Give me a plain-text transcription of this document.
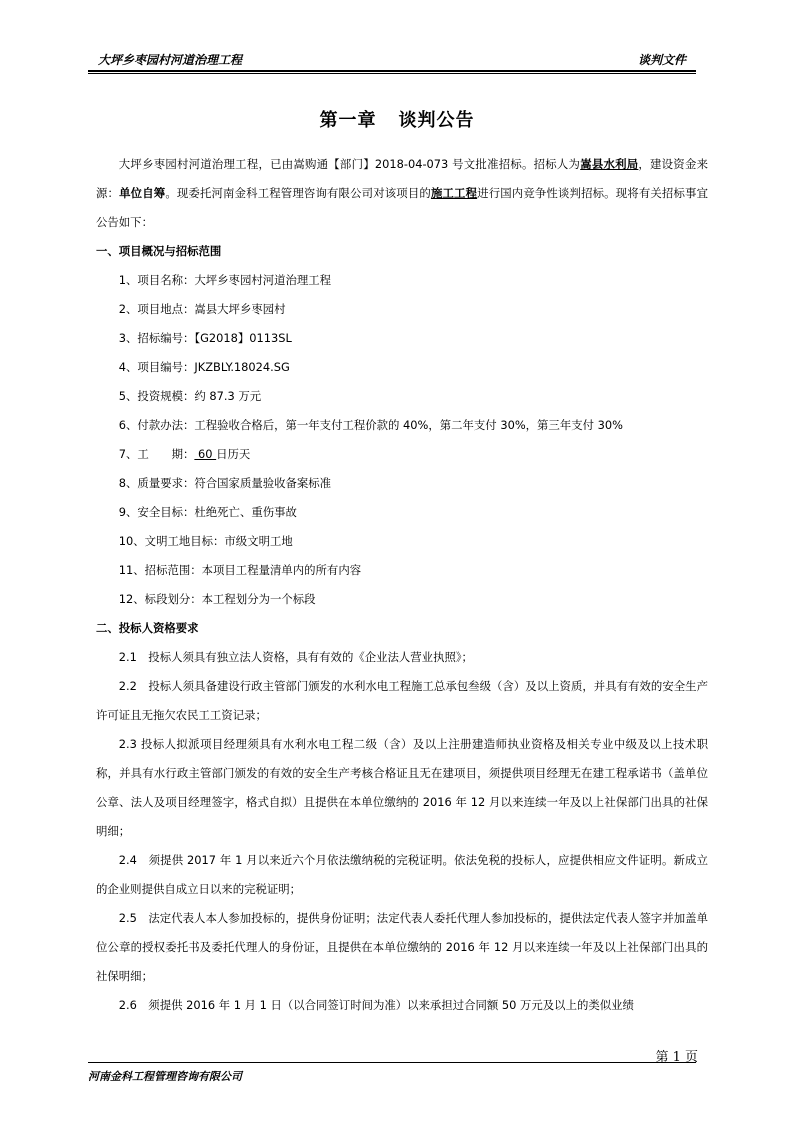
大坪乡枣园村河道治理工程	谈判文件
第一章 谈判公告

大坪乡枣园村河道治理工程，已由嵩购通【部门】2018-04-073 号文批准招标。招标人为嵩县水利局，建设资金来源：单位自筹。现委托河南金科工程管理咨询有限公司对该项目的施工工程进行国内竞争性谈判招标。现将有关招标事宜公告如下：

一、项目概况与招标范围

1、项目名称：大坪乡枣园村河道治理工程

2、项目地点：嵩县大坪乡枣园村

3、招标编号：【G2018】0113SL

4、项目编号：JKZBLY.18024.SG

5、投资规模：约 87.3 万元

6、付款办法：工程验收合格后，第一年支付工程价款的 40%，第二年支付 30%，第三年支付 30%

7、工　　期： 60 日历天

8、质量要求：符合国家质量验收备案标准

9、安全目标：杜绝死亡、重伤事故

10、文明工地目标：市级文明工地

11、招标范围：本项目工程量清单内的所有内容

12、标段划分：本工程划分为一个标段

二、投标人资格要求

2.1　投标人须具有独立法人资格，具有有效的《企业法人营业执照》；

2.2　投标人须具备建设行政主管部门颁发的水利水电工程施工总承包叁级（含）及以上资质，并具有有效的安全生产许可证且无拖欠农民工工资记录；

2.3 投标人拟派项目经理须具有水利水电工程二级（含）及以上注册建造师执业资格及相关专业中级及以上技术职称，并具有水行政主管部门颁发的有效的安全生产考核合格证且无在建项目，须提供项目经理无在建工程承诺书（盖单位公章、法人及项目经理签字，格式自拟）且提供在本单位缴纳的 2016 年 12 月以来连续一年及以上社保部门出具的社保明细；

2.4　须提供 2017 年 1 月以来近六个月依法缴纳税的完税证明。依法免税的投标人，应提供相应文件证明。新成立的企业则提供自成立日以来的完税证明；

2.5　法定代表人本人参加投标的，提供身份证明；法定代表人委托代理人参加投标的，提供法定代表人签字并加盖单位公章的授权委托书及委托代理人的身份证，且提供在本单位缴纳的 2016 年 12 月以来连续一年及以上社保部门出具的社保明细；

2.6　须提供 2016 年 1 月 1 日（以合同签订时间为准）以来承担过合同额 50 万元及以上的类似业绩

第 1 页
河南金科工程管理咨询有限公司
